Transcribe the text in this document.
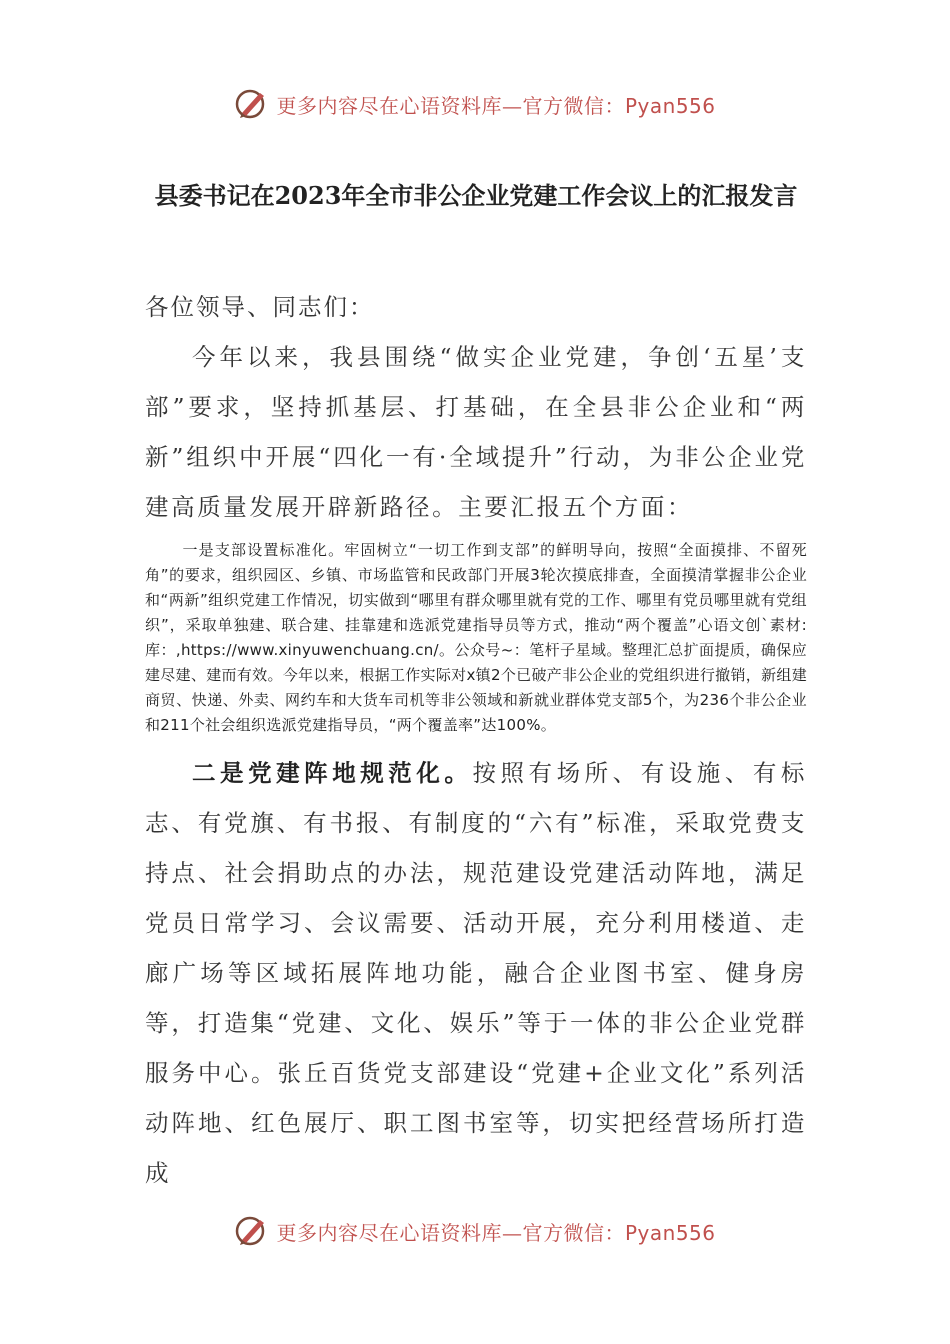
更多内容尽在心语资料库—官方微信：Pyan556
县委书记在2023年全市非公企业党建工作会议上的汇报发言

各位领导、同志们：

今年以来，我县围绕“做实企业党建，争创‘五星’支部”要求，坚持抓基层、打基础，在全县非公企业和“两新”组织中开展“四化一有·全域提升”行动，为非公企业党建高质量发展开辟新路径。主要汇报五个方面：

一是支部设置标准化。牢固树立“一切工作到支部”的鲜明导向，按照“全面摸排、不留死角”的要求，组织园区、乡镇、市场监管和民政部门开展3轮次摸底排查，全面摸清掌握非公企业和“两新”组织党建工作情况，切实做到“哪里有群众哪里就有党的工作、哪里有党员哪里就有党组织”，采取单独建、联合建、挂靠建和选派党建指导员等方式，推动“两个覆盖”心语文创`素材:库：,https://www.xinyuwenchuang.cn/。公众号~：笔杆子星域。整理汇总扩面提质，确保应建尽建、建而有效。今年以来，根据工作实际对x镇2个已破产非公企业的党组织进行撤销，新组建商贸、快递、外卖、网约车和大货车司机等非公领域和新就业群体党支部5个，为236个非公企业和211个社会组织选派党建指导员，“两个覆盖率”达100%。

二是党建阵地规范化。按照有场所、有设施、有标志、有党旗、有书报、有制度的“六有”标准，采取党费支持点、社会捐助点的办法，规范建设党建活动阵地，满足党员日常学习、会议需要、活动开展，充分利用楼道、走廊广场等区域拓展阵地功能，融合企业图书室、健身房等，打造集“党建、文化、娱乐”等于一体的非公企业党群服务中心。张丘百货党支部建设“党建+企业文化”系列活动阵地、红色展厅、职工图书室等，切实把经营场所打造成

更多内容尽在心语资料库—官方微信：Pyan556
